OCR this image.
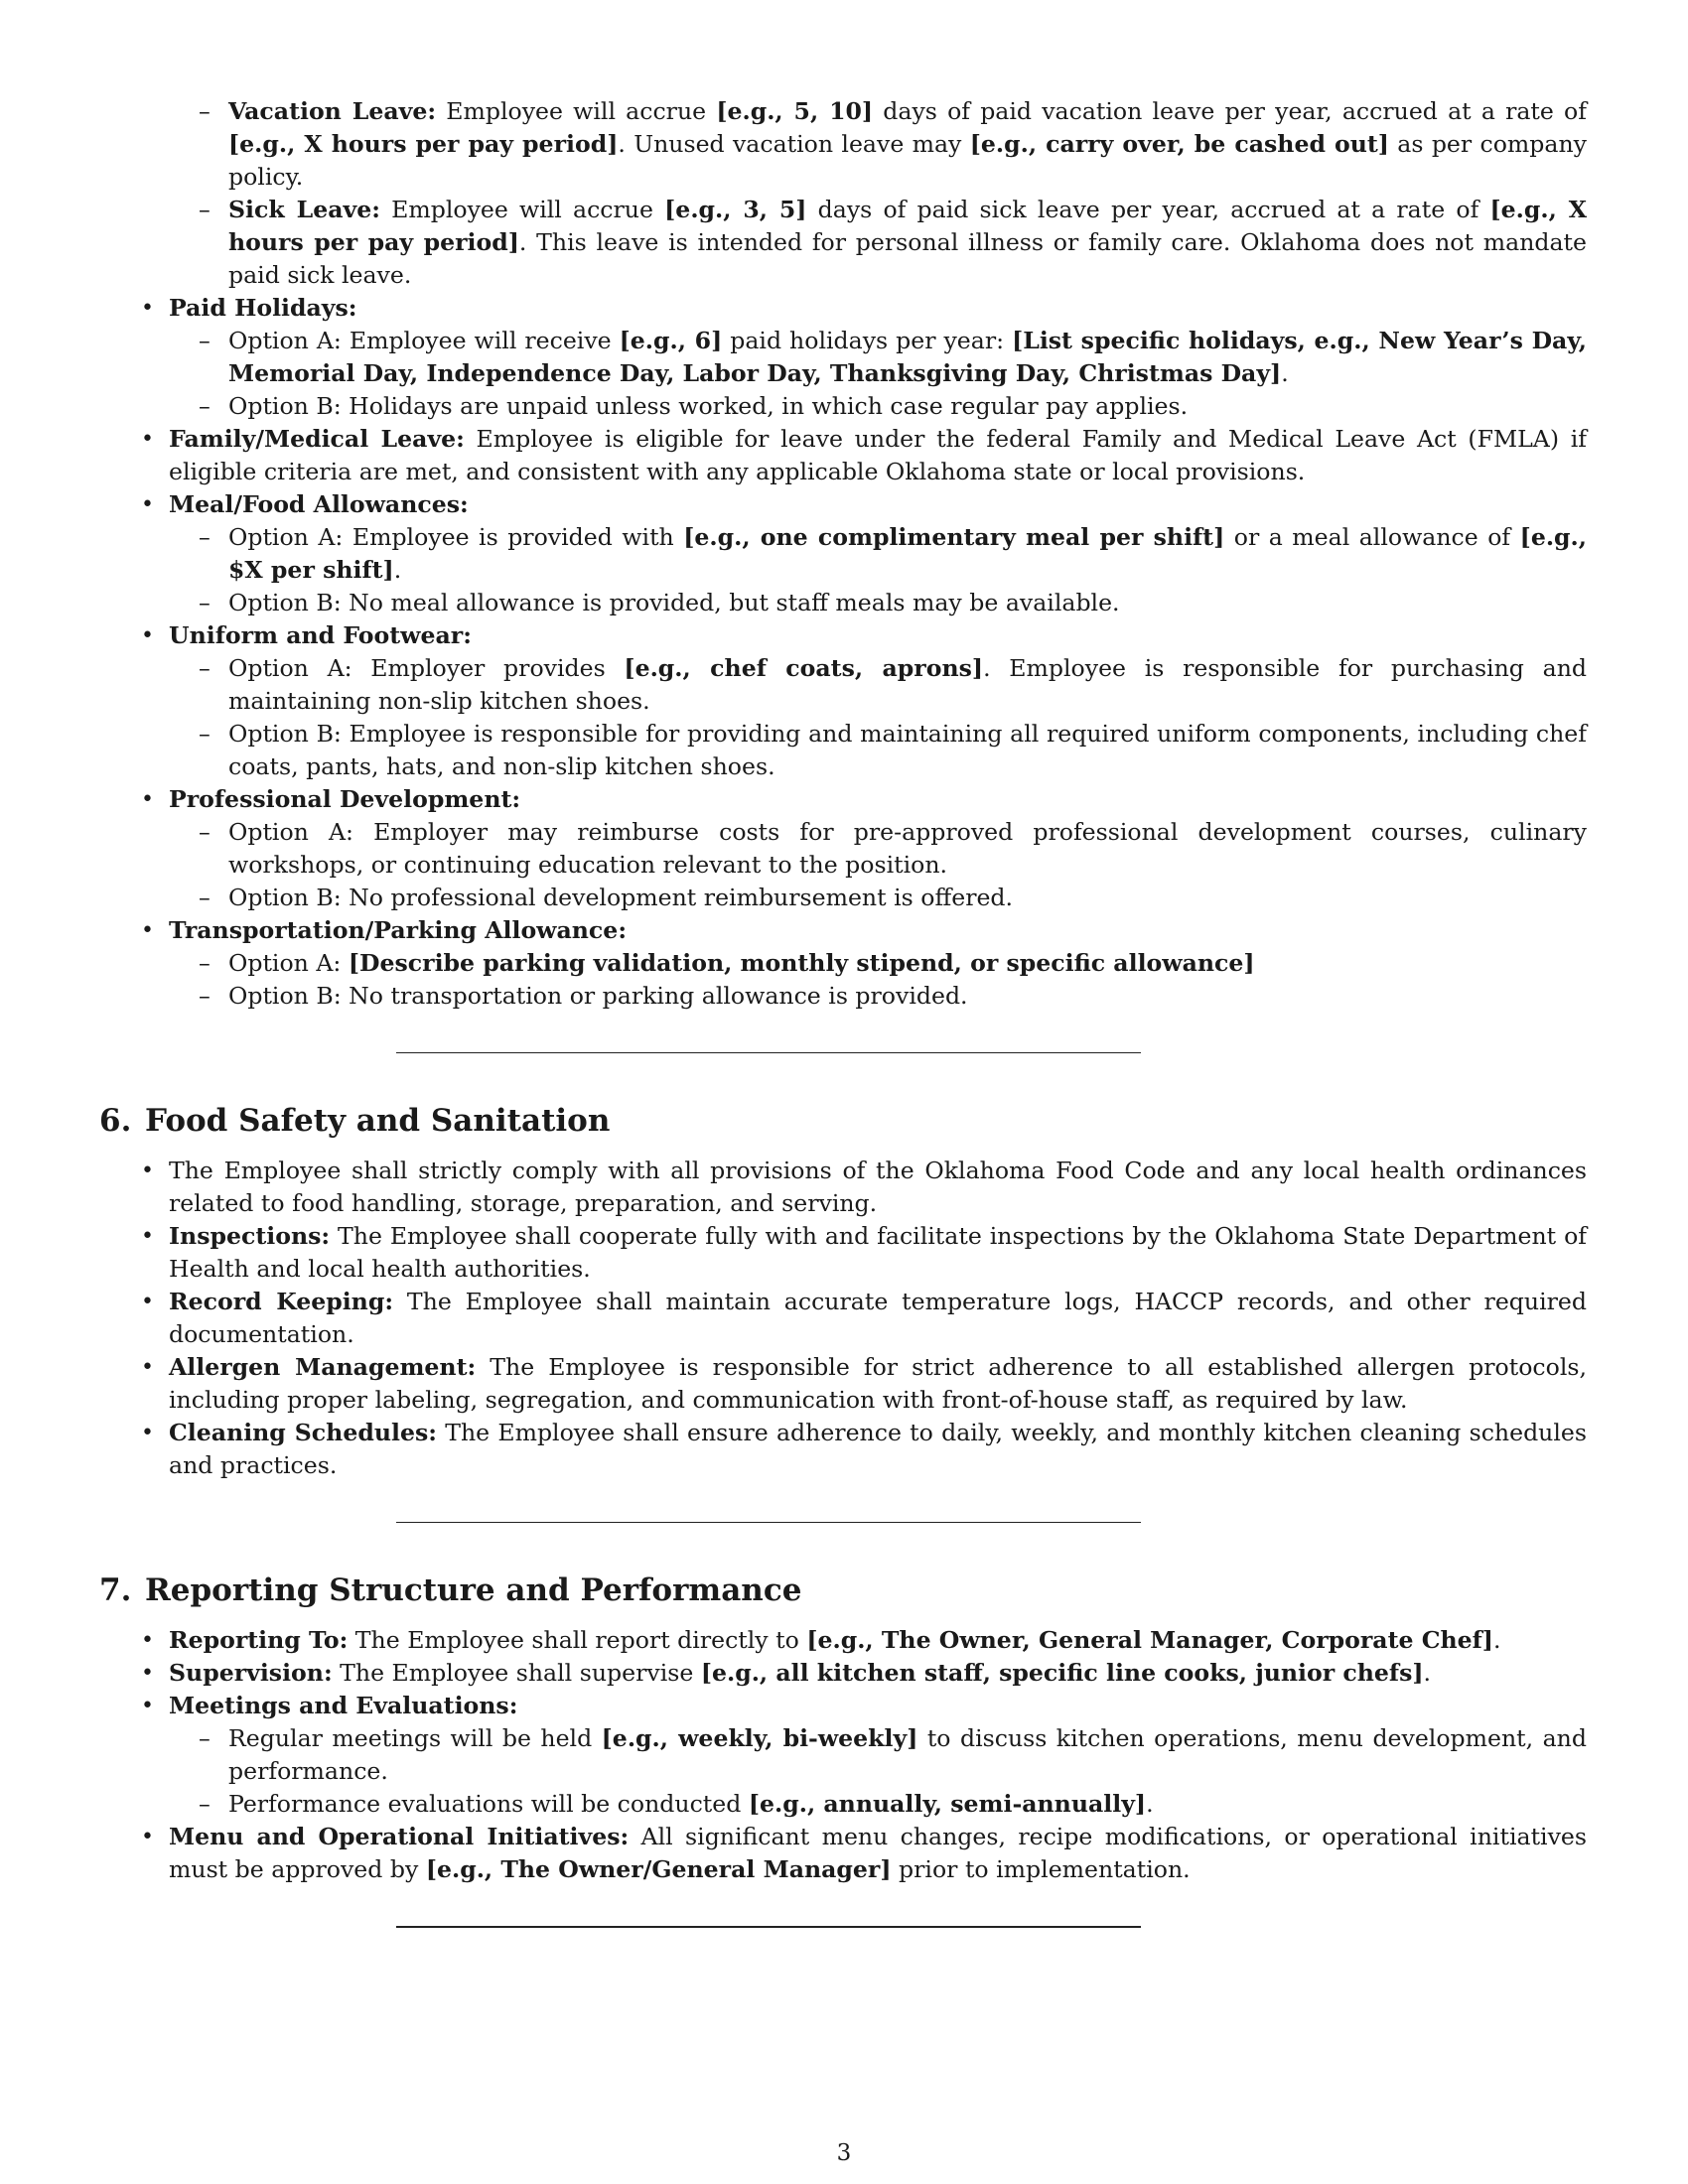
– Vacation Leave: Employee will accrue [e.g., 5, 10] days of paid vacation leave per year, accrued at a rate of [e.g., X hours per pay period]. Unused vacation leave may [e.g., carry over, be cashed out] as per company policy.
– Sick Leave: Employee will accrue [e.g., 3, 5] days of paid sick leave per year, accrued at a rate of [e.g., X hours per pay period]. This leave is intended for personal illness or family care. Oklahoma does not mandate paid sick leave.
• Paid Holidays:
– Option A: Employee will receive [e.g., 6] paid holidays per year: [List specific holidays, e.g., New Year’s Day, Memorial Day, Independence Day, Labor Day, Thanksgiving Day, Christmas Day].
– Option B: Holidays are unpaid unless worked, in which case regular pay applies.
• Family/Medical Leave: Employee is eligible for leave under the federal Family and Medical Leave Act (FMLA) if eligible criteria are met, and consistent with any applicable Oklahoma state or local provisions.
• Meal/Food Allowances:
– Option A: Employee is provided with [e.g., one complimentary meal per shift] or a meal allowance of [e.g., $X per shift].
– Option B: No meal allowance is provided, but staff meals may be available.
• Uniform and Footwear:
– Option A: Employer provides [e.g., chef coats, aprons]. Employee is responsible for purchasing and maintaining non-slip kitchen shoes.
– Option B: Employee is responsible for providing and maintaining all required uniform components, including chef coats, pants, hats, and non-slip kitchen shoes.
• Professional Development:
– Option A: Employer may reimburse costs for pre-approved professional development courses, culinary workshops, or continuing education relevant to the position.
– Option B: No professional development reimbursement is offered.
• Transportation/Parking Allowance:
– Option A: [Describe parking validation, monthly stipend, or specific allowance]
– Option B: No transportation or parking allowance is provided.
6. Food Safety and Sanitation
• The Employee shall strictly comply with all provisions of the Oklahoma Food Code and any local health ordinances related to food handling, storage, preparation, and serving.
• Inspections: The Employee shall cooperate fully with and facilitate inspections by the Oklahoma State Department of Health and local health authorities.
• Record Keeping: The Employee shall maintain accurate temperature logs, HACCP records, and other required documentation.
• Allergen Management: The Employee is responsible for strict adherence to all established allergen protocols, including proper labeling, segregation, and communication with front-of-house staff, as required by law.
• Cleaning Schedules: The Employee shall ensure adherence to daily, weekly, and monthly kitchen cleaning schedules and practices.
7. Reporting Structure and Performance
• Reporting To: The Employee shall report directly to [e.g., The Owner, General Manager, Corporate Chef].
• Supervision: The Employee shall supervise [e.g., all kitchen staff, specific line cooks, junior chefs].
• Meetings and Evaluations:
– Regular meetings will be held [e.g., weekly, bi-weekly] to discuss kitchen operations, menu development, and performance.
– Performance evaluations will be conducted [e.g., annually, semi-annually].
• Menu and Operational Initiatives: All significant menu changes, recipe modifications, or operational initiatives must be approved by [e.g., The Owner/General Manager] prior to implementation.
3
